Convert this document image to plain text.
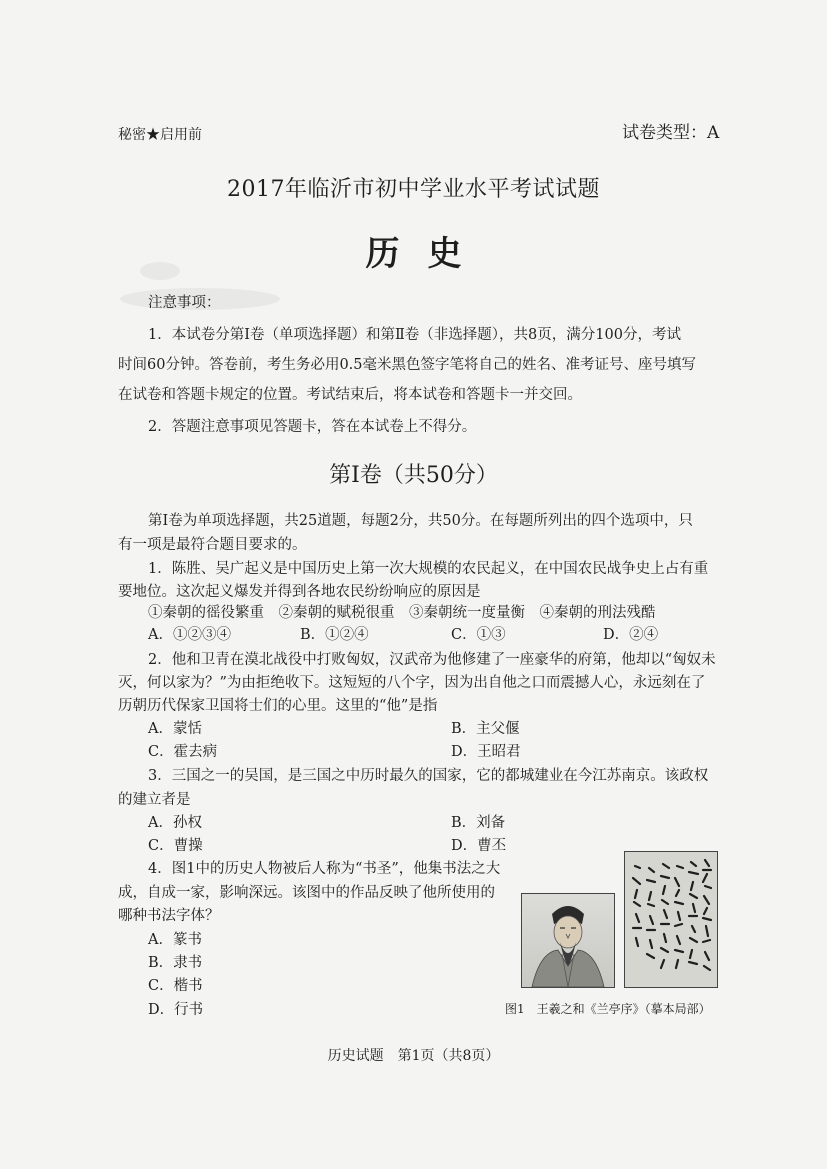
秘密★启用前	试卷类型：A
2017年临沂市初中学业水平考试试题
历史
注意事项：
1．本试卷分第Ⅰ卷（单项选择题）和第Ⅱ卷（非选择题），共8页，满分100分，考试
时间60分钟。答卷前，考生务必用0.5毫米黑色签字笔将自己的姓名、准考证号、座号填写
在试卷和答题卡规定的位置。考试结束后，将本试卷和答题卡一并交回。
2．答题注意事项见答题卡，答在本试卷上不得分。
第Ⅰ卷（共50分）
第Ⅰ卷为单项选择题，共25道题，每题2分，共50分。在每题所列出的四个选项中，只
有一项是最符合题目要求的。
1．陈胜、吴广起义是中国历史上第一次大规模的农民起义，在中国农民战争史上占有重
要地位。这次起义爆发并得到各地农民纷纷响应的原因是
①秦朝的徭役繁重　②秦朝的赋税很重　③秦朝统一度量衡　④秦朝的刑法残酷
A．①②③④	B．①②④	C．①③	D．②④
2．他和卫青在漠北战役中打败匈奴，汉武帝为他修建了一座豪华的府第，他却以“匈奴未
灭，何以家为？”为由拒绝收下。这短短的八个字，因为出自他之口而震撼人心，永远刻在了
历朝历代保家卫国将士们的心里。这里的“他”是指
A．蒙恬	B．主父偃
C．霍去病	D．王昭君
3．三国之一的吴国，是三国之中历时最久的国家，它的都城建业在今江苏南京。该政权
的建立者是
A．孙权	B．刘备
C．曹操	D．曹丕
4．图1中的历史人物被后人称为“书圣”，他集书法之大
成，自成一家，影响深远。该图中的作品反映了他所使用的
哪种书法字体？
A．篆书
B．隶书
C．楷书
D．行书	图1　王羲之和《兰亭序》（摹本局部）
历史试题　第1页（共8页）
